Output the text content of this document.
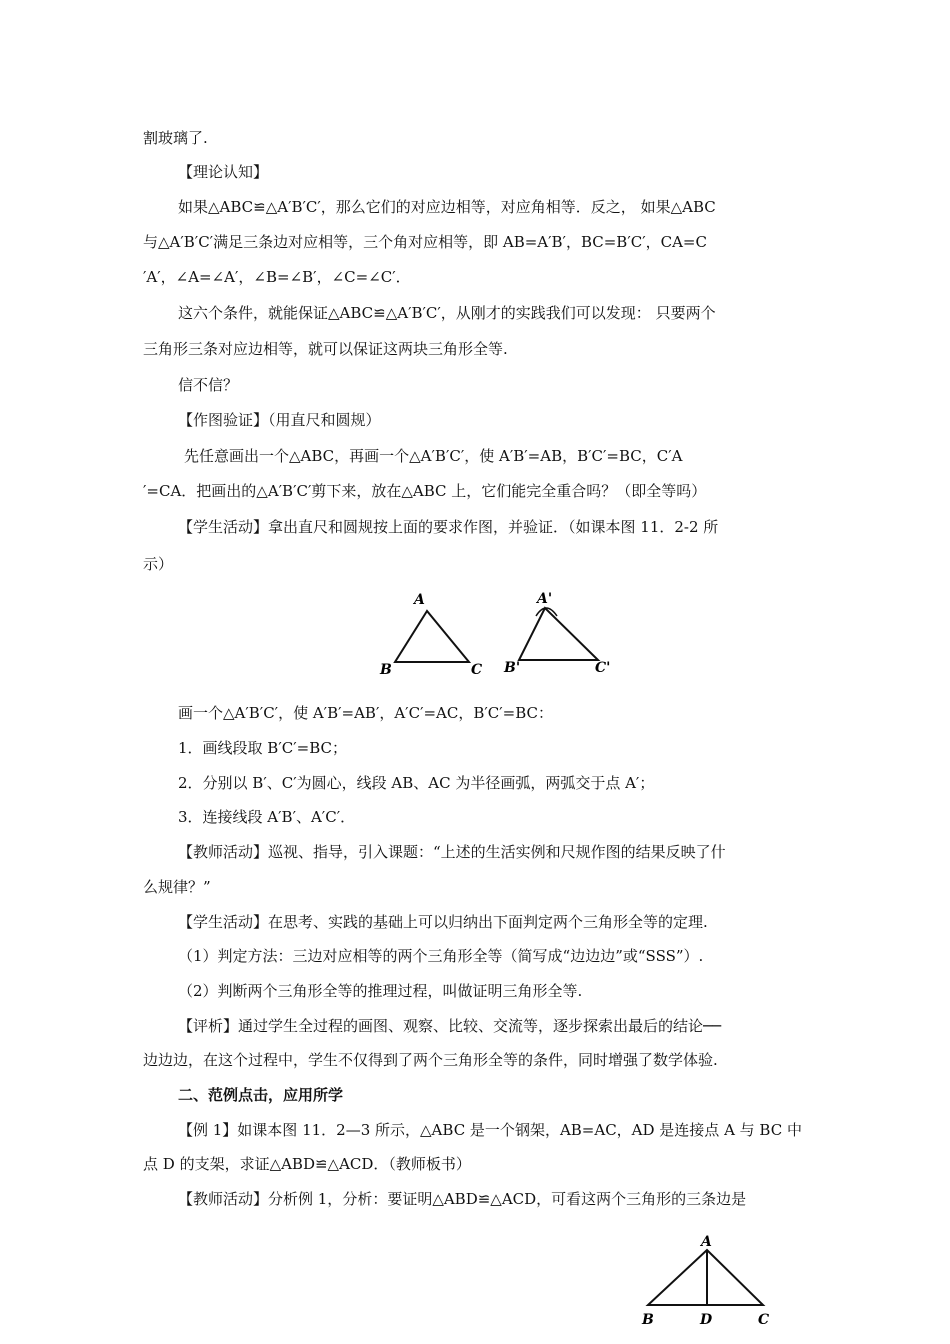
割玻璃了.
【理论认知】
如果△ABC≌△A′B′C′，那么它们的对应边相等，对应角相等．反之， 如果△ABC
与△A′B′C′满足三条边对应相等，三个角对应相等，即 AB=A′B′，BC=B′C′，CA=C
′A′，∠A=∠A′，∠B=∠B′，∠C=∠C′．
这六个条件，就能保证△ABC≌△A′B′C′，从刚才的实践我们可以发现： 只要两个
三角形三条对应边相等，就可以保证这两块三角形全等.
信不信？
【作图验证】（用直尺和圆规）
先任意画出一个△ABC，再画一个△A′B′C′，使 A′B′=AB，B′C′=BC，C′A
′=CA．把画出的△A′B′C′剪下来，放在△ABC 上，它们能完全重合吗？（即全等吗）
【学生活动】拿出直尺和圆规按上面的要求作图，并验证．（如课本图 11．2-2 所
示）
A
B	C
A'
B'	C'
画一个△A′B′C′，使 A′B′=AB′，A′C′=AC，B′C′=BC：
1．画线段取 B′C′=BC；
2．分别以 B′、C′为圆心，线段 AB、AC 为半径画弧，两弧交于点 A′；
3．连接线段 A′B′、A′C′．
【教师活动】巡视、指导，引入课题：“上述的生活实例和尺规作图的结果反映了什
么规律？”
【学生活动】在思考、实践的基础上可以归纳出下面判定两个三角形全等的定理.
（1）判定方法：三边对应相等的两个三角形全等（简写成“边边边”或“SSS”）.
（2）判断两个三角形全等的推理过程，叫做证明三角形全等.
【评析】通过学生全过程的画图、观察、比较、交流等，逐步探索出最后的结论──
边边边，在这个过程中，学生不仅得到了两个三角形全等的条件，同时增强了数学体验.
二、范例点击，应用所学
【例 1】如课本图 11．2—3 所示，△ABC 是一个钢架，AB=AC，AD 是连接点 A 与 BC 中
点 D 的支架，求证△ABD≌△ACD．（教师板书）
【教师活动】分析例 1，分析：要证明△ABD≌△ACD，可看这两个三角形的三条边是
A
B	D	C
